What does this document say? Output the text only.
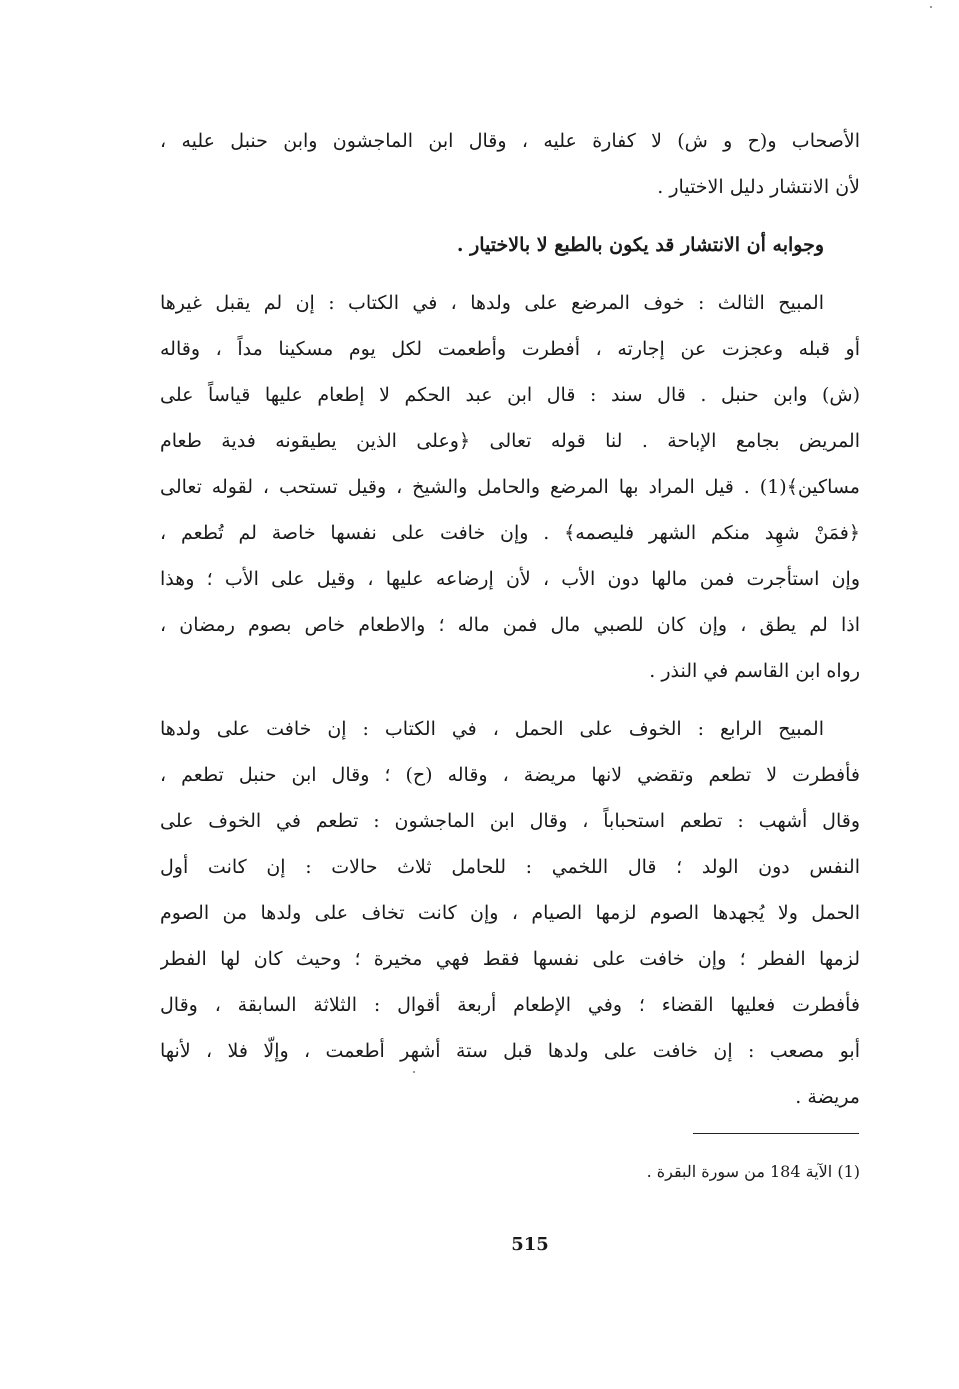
الأصحاب و(ح و ش) لا كفارة عليه ، وقال ابن الماجشون وابن حنبل عليه ،
لأن الانتشار دليل الاختيار .
وجوابه أن الانتشار قد يكون بالطبع لا بالاختيار .
المبيح الثالث : خوف المرضع على ولدها ، في الكتاب : إن لم يقبل غيرها
أو قبله وعجزت عن إجارته ، أفطرت وأطعمت لكل يوم مسكينا مداً ، وقاله
(ش) وابن حنبل . قال سند : قال ابن عبد الحكم لا إطعام عليها قياساً على
المريض بجامع الإباحة . لنا قوله تعالى ﴿وعلى الذين يطيقونه فدية طعام
مساكين﴾(1) . قيل المراد بها المرضع والحامل والشيخ ، وقيل تستحب ، لقوله تعالى
﴿فمَنْ شهِد منكم الشهر فليصمه﴾ . وإن خافت على نفسها خاصة لم تُطعم ،
وإن استأجرت فمن مالها دون الأب ، لأن إرضاعه عليها ، وقيل على الأب ؛ وهذا
اذا لم يطق ، وإن كان للصبي مال فمن ماله ؛ والاطعام خاص بصوم رمضان ،
رواه ابن القاسم في النذر .
المبيح الرابع : الخوف على الحمل ، في الكتاب : إن خافت على ولدها
فأفطرت لا تطعم وتقضي لانها مريضة ، وقاله (ح) ؛ وقال ابن حنبل تطعم ،
وقال أشهب : تطعم استحباباً ، وقال ابن الماجشون : تطعم في الخوف على
النفس دون الولد ؛ قال اللخمي : للحامل ثلاث حالات : إن كانت أول
الحمل ولا يُجهدها الصوم لزمها الصيام ، وإن كانت تخاف على ولدها من الصوم
لزمها الفطر ؛ وإن خافت على نفسها فقط فهي مخيرة ؛ وحيث كان لها الفطر
فأفطرت فعليها القضاء ؛ وفي الإطعام أربعة أقوال : الثلاثة السابقة ، وقال
أبو مصعب : إن خافت على ولدها قبل ستة أشهر أطعمت ، وإلّا فلا ، لأنها
مريضة .
(1) الآية 184 من سورة البقرة .
515
